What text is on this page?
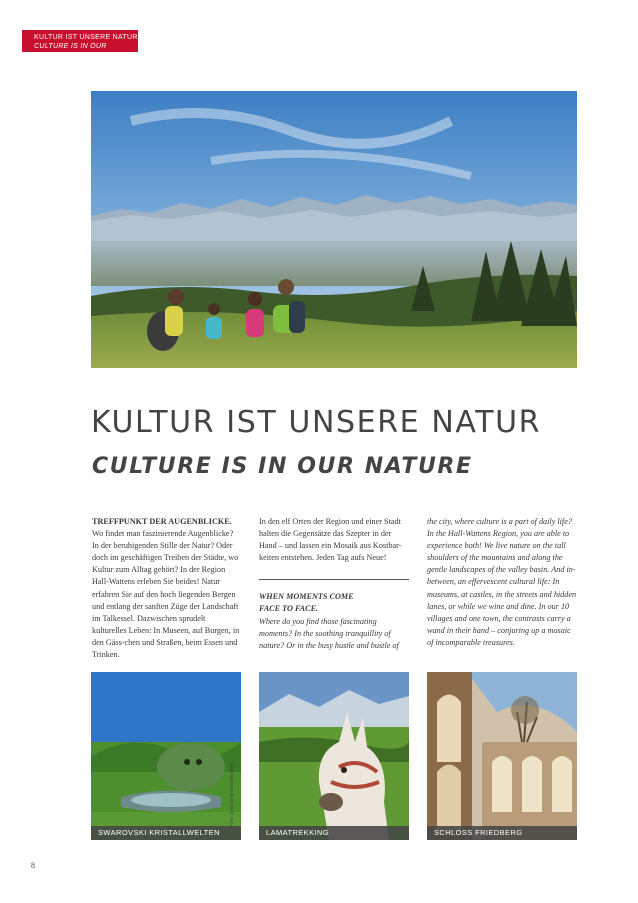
KULTUR IST UNSERE NATUR
CULTURE IS IN OUR NATURE
KULTUR IST UNSERE NATUR
CULTURE IS IN OUR NATURE

TREFFPUNKT DER AUGENBLICKE. Wo findet man faszinierende Augenblicke? In der beruhigenden Stille der Natur? Oder doch im geschäftigen Treiben der Städte, wo Kultur zum Alltag gehört? In der Region Hall-Wattens erleben Sie beides! Natur erfahren Sie auf den hoch liegenden Bergen und entlang der sanften Züge der Landschaft im Talkessel. Dazwischen sprudelt kulturelles Leben: In Museen, auf Burgen, in den Gäss-chen und Straßen, beim Essen und Trinken.

In den elf Orten der Region und einer Stadt halten die Gegensätze das Szepter in der Hand – und lassen ein Mosaik aus Kostbar-keiten entstehen. Jeden Tag aufs Neue!

WHEN MOMENTS COME

FACE TO FACE.

Where do you find those fascinating moments? In the soothing tranquillity of nature? Or in the busy hustle and bustle of

the city, where culture is a part of daily life? In the Hall-Wattens Region, you are able to experience both! We live nature on the tall shoulders of the mountains and along the gentle landscapes of the valley basin. And in-between, an effervescent cultural life: In museums, at castles, in the streets and hidden lanes, or while we wine and dine. In our 10 villages and one town, the contrasts carry a wand in their hand – conjuring up a mosaic of incomparable treasures.

SWAROVSKI KRISTALLWELTEN
Foto: Swarovski Kristallwelten
LAMATREKKING	SCHLOSS FRIEDBERG
8
